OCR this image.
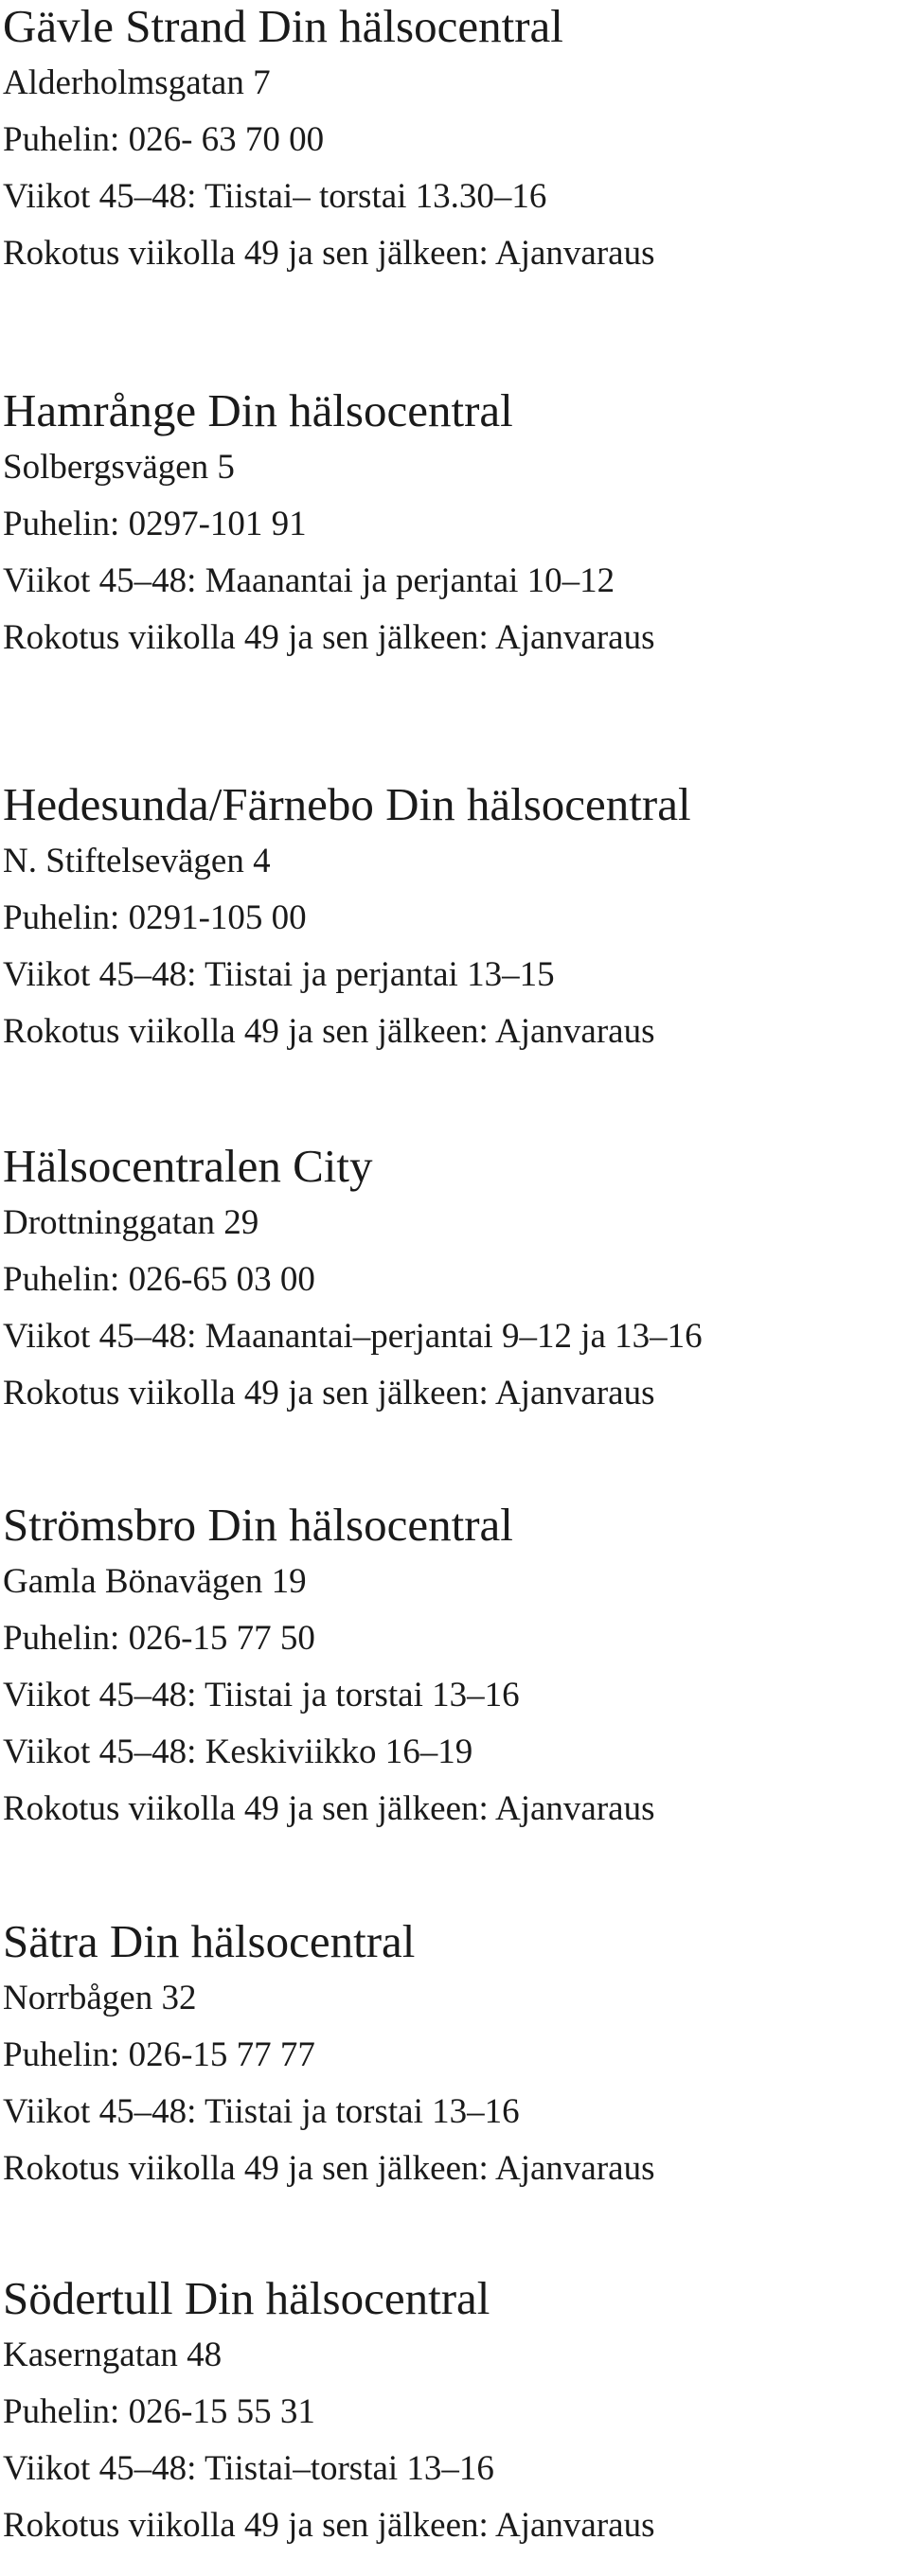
Gävle Strand Din hälsocentral
Alderholmsgatan 7
Puhelin: 026- 63 70 00
Viikot 45–48: Tiistai– torstai 13.30–16
Rokotus viikolla 49 ja sen jälkeen: Ajanvaraus
Hamrånge Din hälsocentral
Solbergsvägen 5
Puhelin: 0297-101 91
Viikot 45–48: Maanantai ja perjantai 10–12
Rokotus viikolla 49 ja sen jälkeen: Ajanvaraus
Hedesunda/Färnebo Din hälsocentral
N. Stiftelsevägen 4
Puhelin: 0291-105 00
Viikot 45–48: Tiistai ja perjantai 13–15
Rokotus viikolla 49 ja sen jälkeen: Ajanvaraus
Hälsocentralen City
Drottninggatan 29
Puhelin: 026-65 03 00
Viikot 45–48: Maanantai–perjantai 9–12 ja 13–16
Rokotus viikolla 49 ja sen jälkeen: Ajanvaraus
Strömsbro Din hälsocentral
Gamla Bönavägen 19
Puhelin: 026-15 77 50
Viikot 45–48: Tiistai ja torstai 13–16
Viikot 45–48: Keskiviikko 16–19
Rokotus viikolla 49 ja sen jälkeen: Ajanvaraus
Sätra Din hälsocentral
Norrbågen 32
Puhelin: 026-15 77 77
Viikot 45–48: Tiistai ja torstai 13–16
Rokotus viikolla 49 ja sen jälkeen: Ajanvaraus
Södertull Din hälsocentral
Kaserngatan 48
Puhelin: 026-15 55 31
Viikot 45–48: Tiistai–torstai 13–16
Rokotus viikolla 49 ja sen jälkeen: Ajanvaraus
